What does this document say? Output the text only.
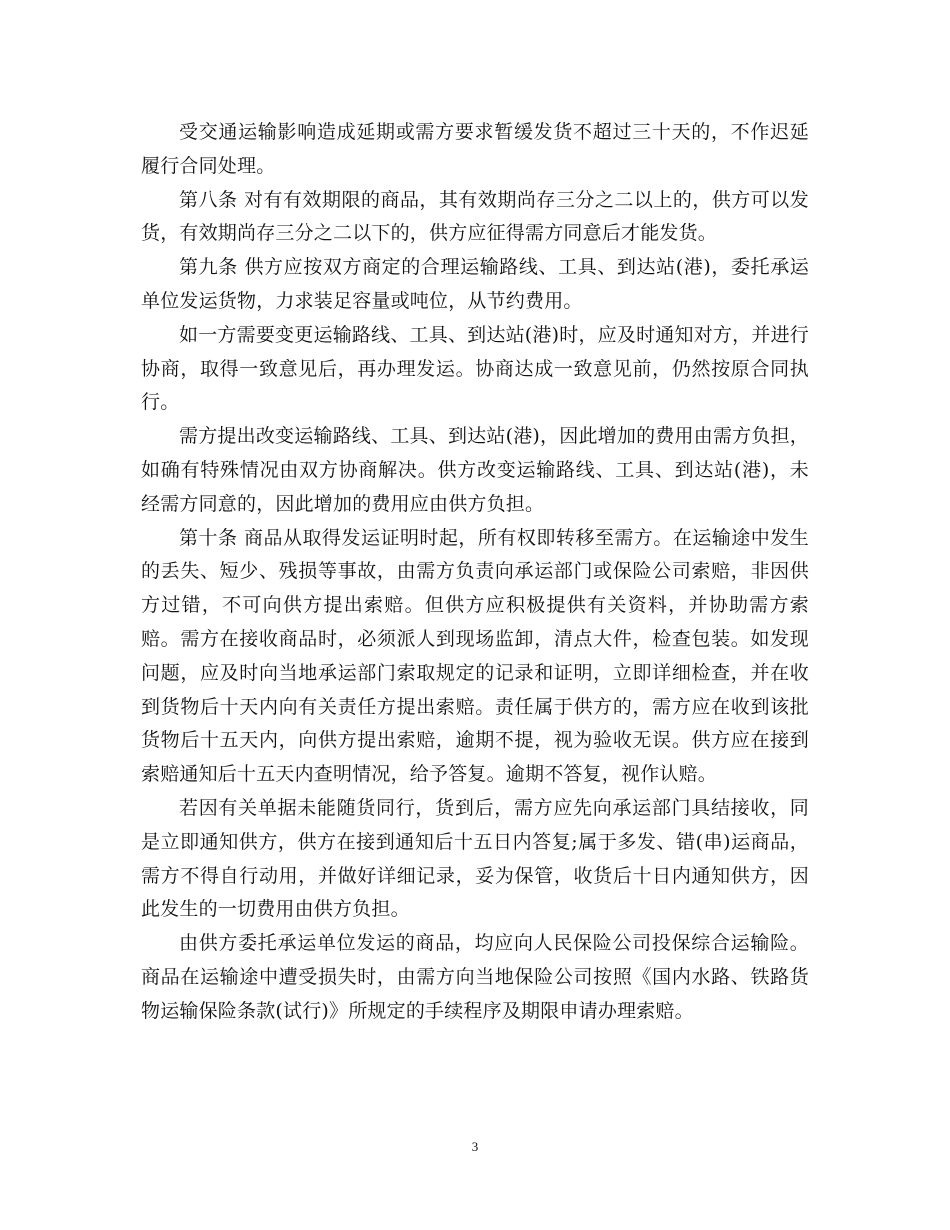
受交通运输影响造成延期或需方要求暂缓发货不超过三十天的，不作迟延履行合同处理。

第八条 对有有效期限的商品，其有效期尚存三分之二以上的，供方可以发货，有效期尚存三分之二以下的，供方应征得需方同意后才能发货。

第九条 供方应按双方商定的合理运输路线、工具、到达站(港)，委托承运单位发运货物，力求装足容量或吨位，从节约费用。

如一方需要变更运输路线、工具、到达站(港)时，应及时通知对方，并进行协商，取得一致意见后，再办理发运。协商达成一致意见前，仍然按原合同执行。

需方提出改变运输路线、工具、到达站(港)，因此增加的费用由需方负担，如确有特殊情况由双方协商解决。供方改变运输路线、工具、到达站(港)，未经需方同意的，因此增加的费用应由供方负担。

第十条 商品从取得发运证明时起，所有权即转移至需方。在运输途中发生的丢失、短少、残损等事故，由需方负责向承运部门或保险公司索赔，非因供方过错，不可向供方提出索赔。但供方应积极提供有关资料，并协助需方索赔。需方在接收商品时，必须派人到现场监卸，清点大件，检查包装。如发现问题，应及时向当地承运部门索取规定的记录和证明，立即详细检查，并在收到货物后十天内向有关责任方提出索赔。责任属于供方的，需方应在收到该批货物后十五天内，向供方提出索赔，逾期不提，视为验收无误。供方应在接到索赔通知后十五天内查明情况，给予答复。逾期不答复，视作认赔。

若因有关单据未能随货同行，货到后，需方应先向承运部门具结接收，同是立即通知供方，供方在接到通知后十五日内答复;属于多发、错(串)运商品，需方不得自行动用，并做好详细记录，妥为保管，收货后十日内通知供方，因此发生的一切费用由供方负担。

由供方委托承运单位发运的商品，均应向人民保险公司投保综合运输险。商品在运输途中遭受损失时，由需方向当地保险公司按照《国内水路、铁路货物运输保险条款(试行)》所规定的手续程序及期限申请办理索赔。

3
